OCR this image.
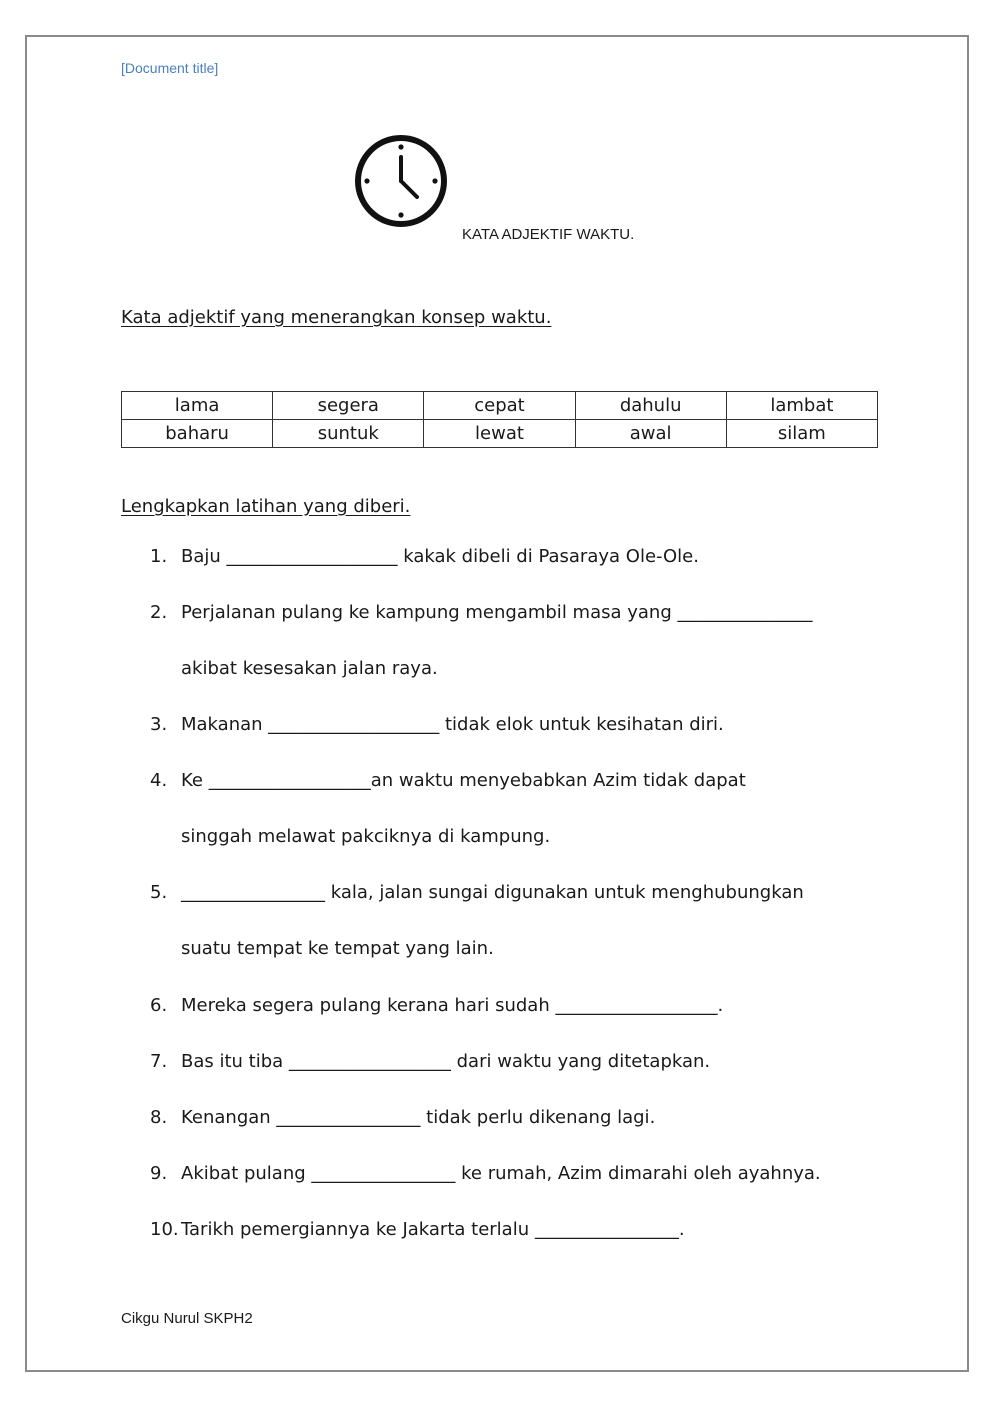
[Document title]
KATA ADJEKTIF WAKTU.
Kata adjektif yang menerangkan konsep waktu.
lama	segera	cepat	dahulu	lambat
baharu	suntuk	lewat	awal	silam
Lengkapkan latihan yang diberi.
1. Baju ___________________ kakak dibeli di Pasaraya Ole-Ole.
2. Perjalanan pulang ke kampung mengambil masa yang _______________
akibat kesesakan jalan raya.
3. Makanan ___________________ tidak elok untuk kesihatan diri.
4. Ke __________________an waktu menyebabkan Azim tidak dapat
singgah melawat pakciknya di kampung.
5. ________________ kala, jalan sungai digunakan untuk menghubungkan
suatu tempat ke tempat yang lain.
6. Mereka segera pulang kerana hari sudah __________________.
7. Bas itu tiba __________________ dari waktu yang ditetapkan.
8. Kenangan ________________ tidak perlu dikenang lagi.
9. Akibat pulang ________________ ke rumah, Azim dimarahi oleh ayahnya.
10. Tarikh pemergiannya ke Jakarta terlalu ________________.
Cikgu Nurul SKPH2
